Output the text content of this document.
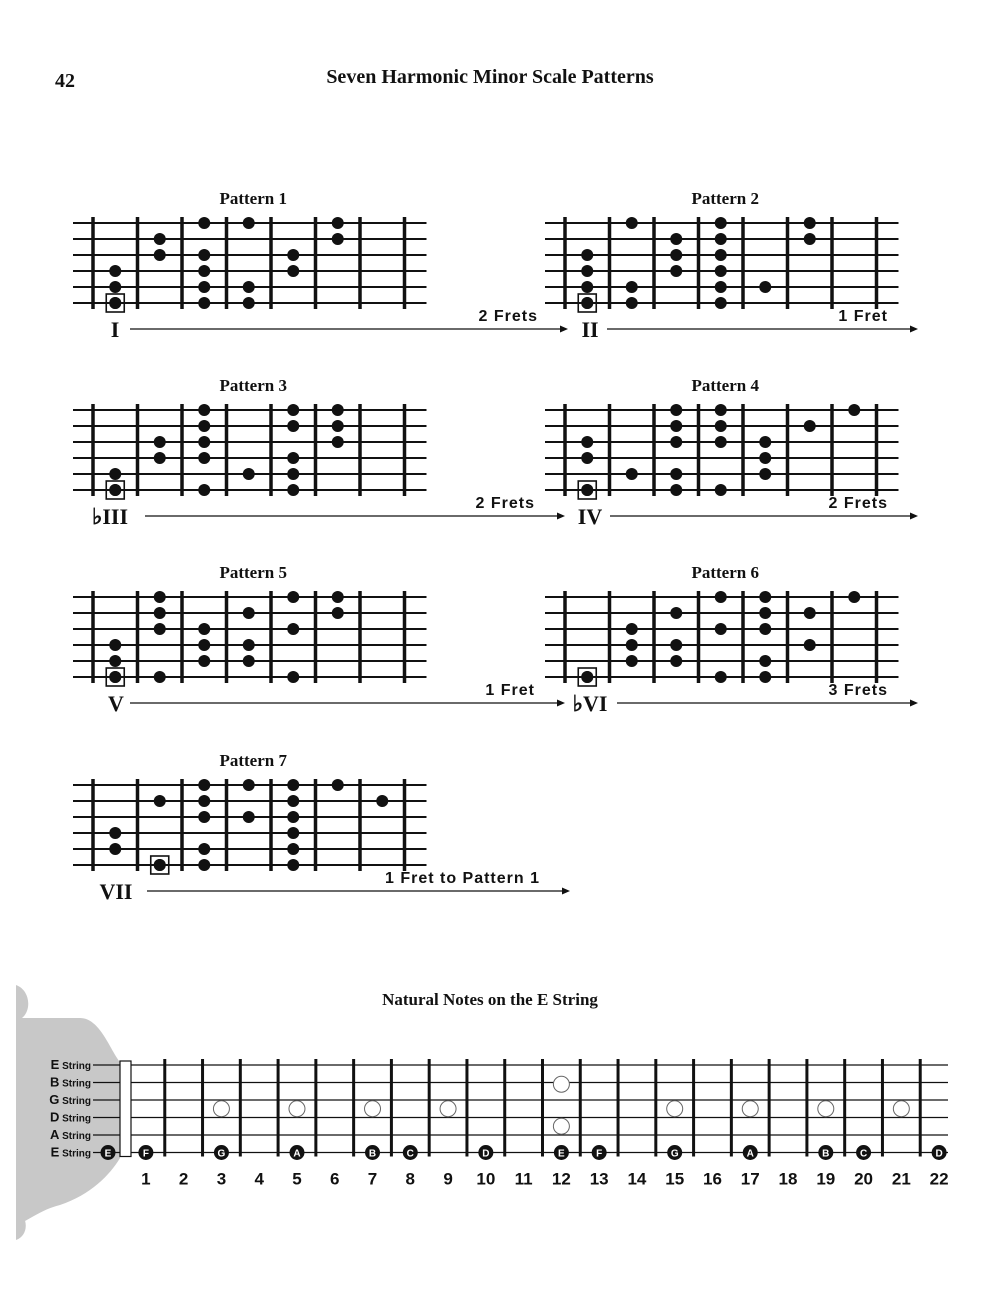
42	Seven Harmonic Minor Scale Patterns
Pattern 1
I
2 Frets
Pattern 2
II
1 Fret
Pattern 3
♭III
2 Frets
Pattern 4
IV
2 Frets
Pattern 5
V
1 Fret
Pattern 6
♭VI
3 Frets
Pattern 7
VII
1 Fret to Pattern 1
Natural Notes on the E String
E String
B String
G String
D String
A String
E String E	F	G	A	B	C	D	E	F	G	A	B	C	D
1 2 3 4 5 6 7 8 9 10 11 12 13 14 15 16 17 18 19 20 21 22
